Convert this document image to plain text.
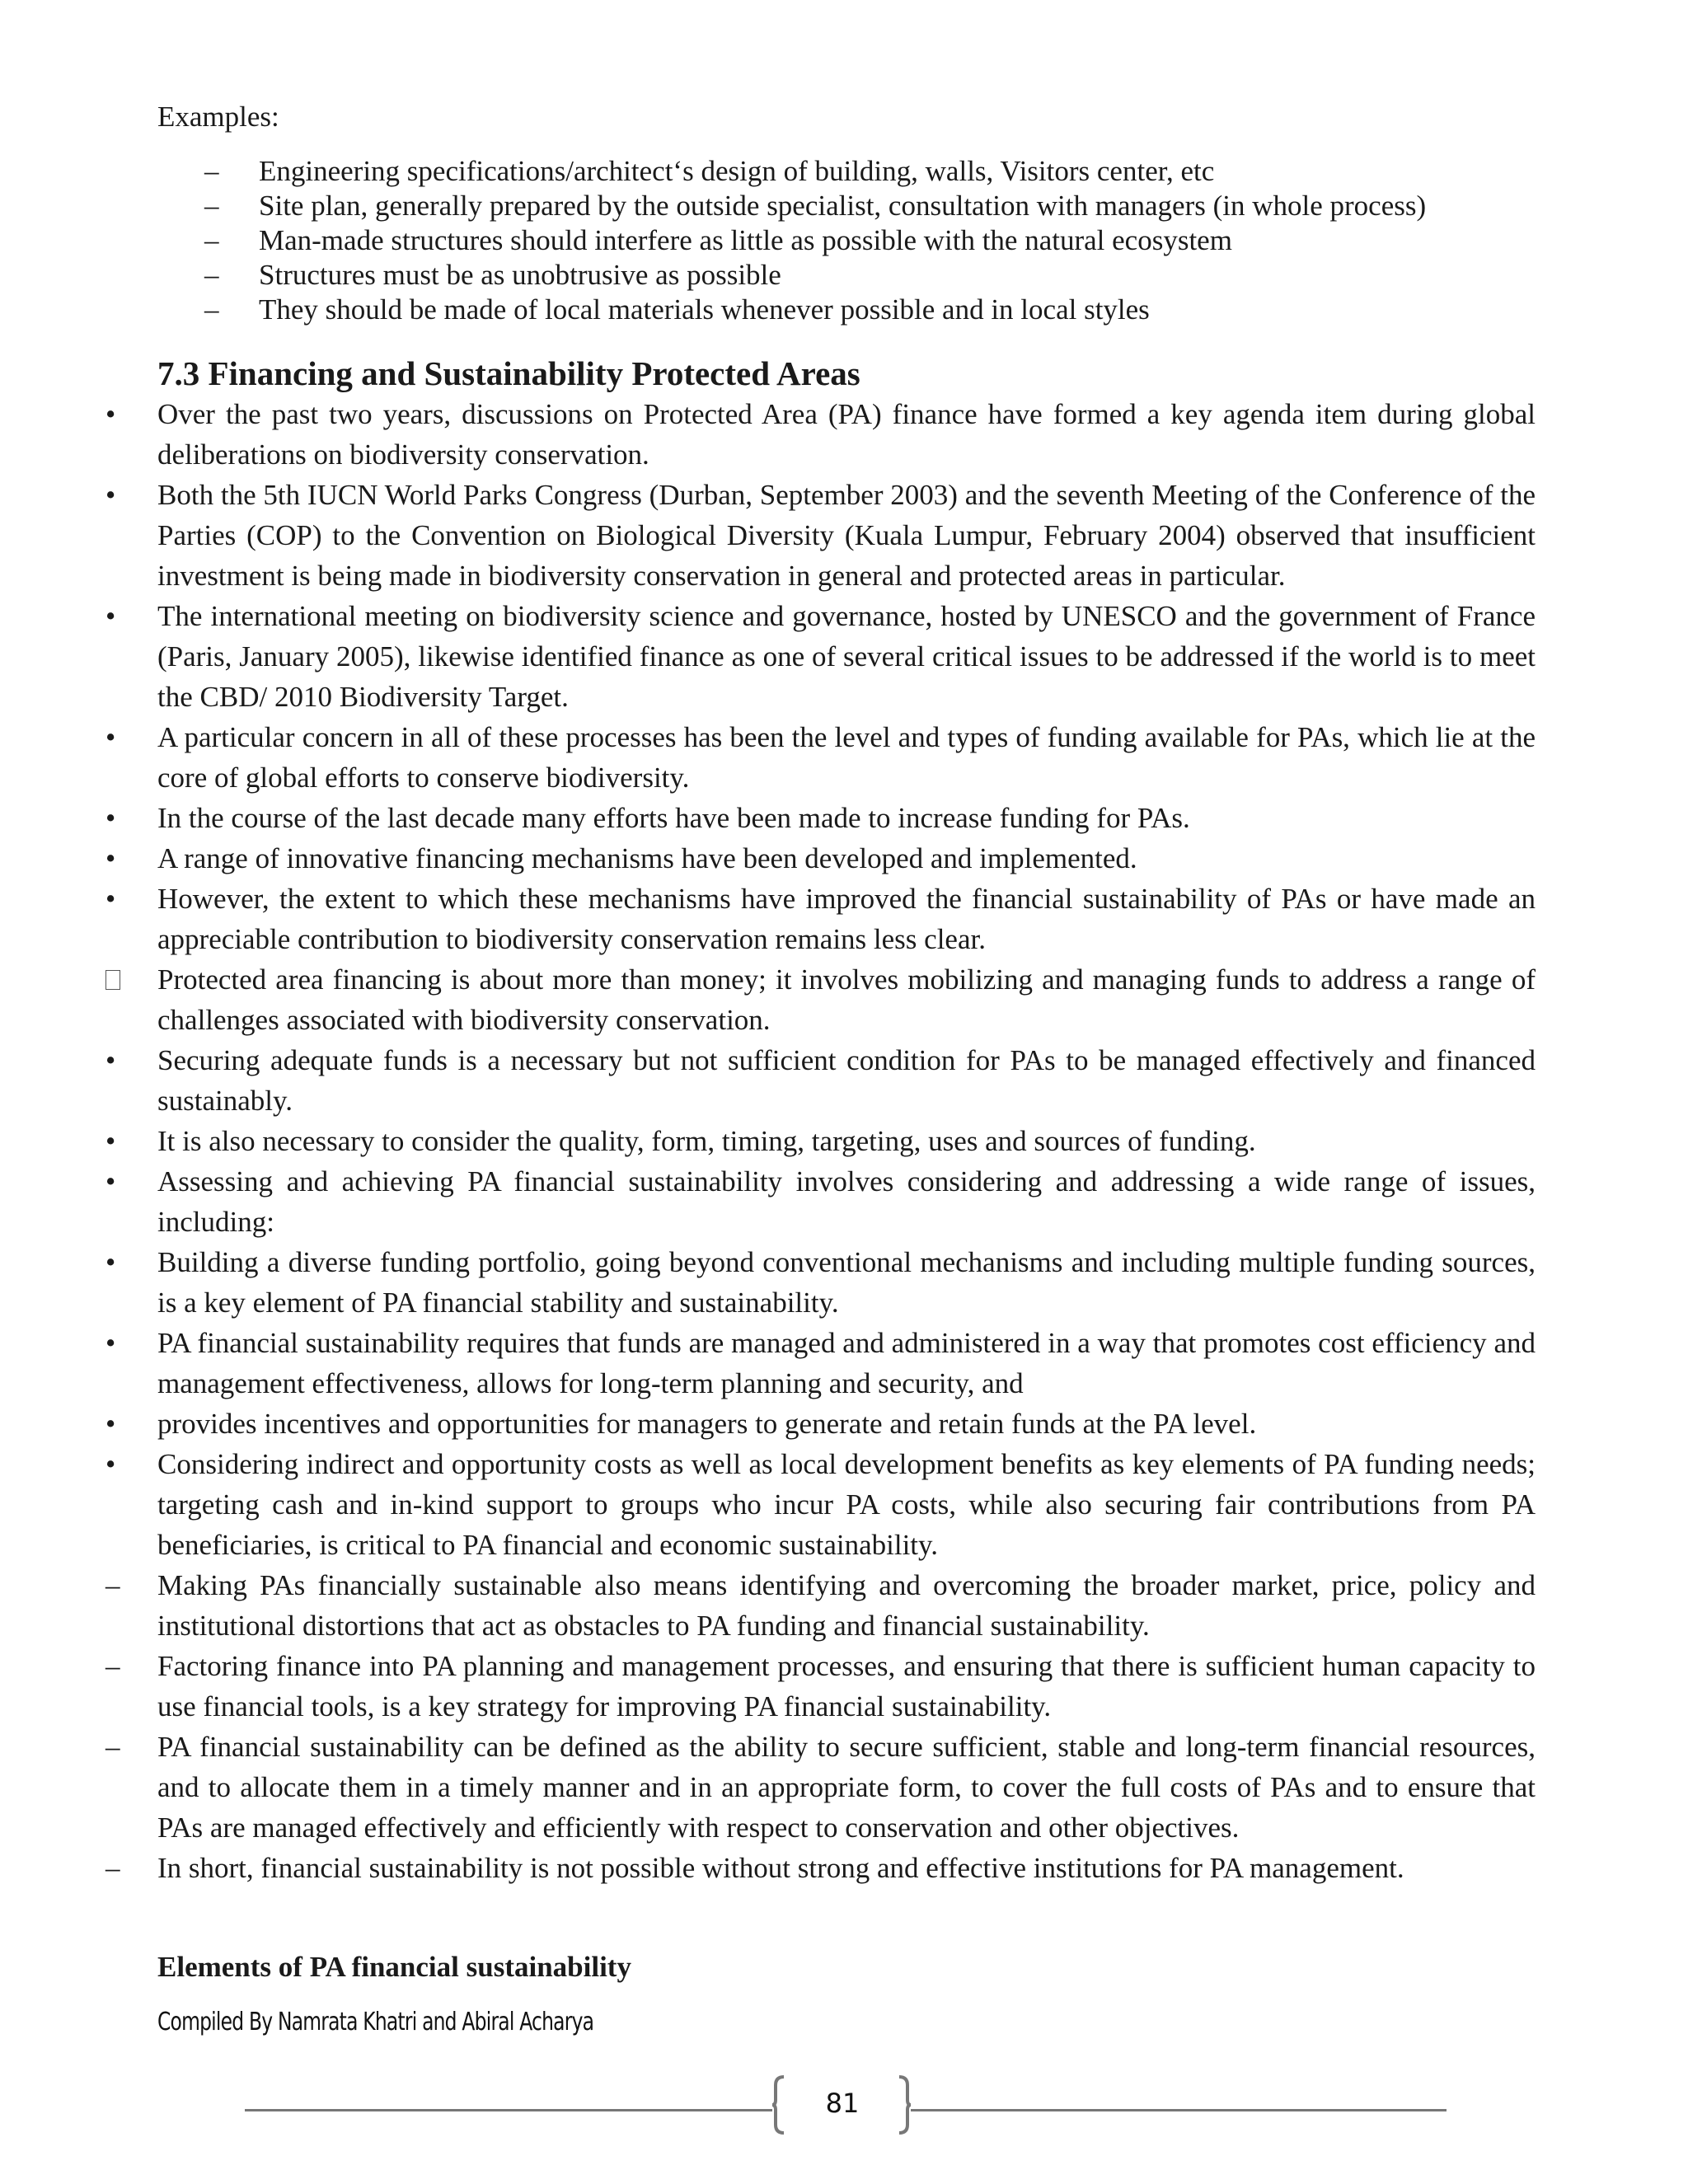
Examples:
– Engineering specifications/architect‘s design of building, walls, Visitors center, etc
– Site plan, generally prepared by the outside specialist, consultation with managers (in whole process)
– Man-made structures should interfere as little as possible with the natural ecosystem
– Structures must be as unobtrusive as possible
– They should be made of local materials whenever possible and in local styles
7.3 Financing and Sustainability Protected Areas
•	Over the past two years, discussions on Protected Area (PA) finance have formed a key agenda item during global deliberations on biodiversity conservation.
•	Both the 5th IUCN World Parks Congress (Durban, September 2003) and the seventh Meeting of the Conference of the Parties (COP) to the Convention on Biological Diversity (Kuala Lumpur, February 2004) observed that insufficient investment is being made in biodiversity conservation in general and protected areas in particular.
•	The international meeting on biodiversity science and governance, hosted by UNESCO and the government of France (Paris, January 2005), likewise identified finance as one of several critical issues to be addressed if the world is to meet the CBD/ 2010 Biodiversity Target.
•	A particular concern in all of these processes has been the level and types of funding available for PAs, which lie at the core of global efforts to conserve biodiversity.
•	In the course of the last decade many efforts have been made to increase funding for PAs.
•	A range of innovative financing mechanisms have been developed and implemented.
•	However, the extent to which these mechanisms have improved the financial sustainability of PAs or have made an appreciable contribution to biodiversity conservation remains less clear.
Protected area financing is about more than money; it involves mobilizing and managing funds to address a range of challenges associated with biodiversity conservation.
•	Securing adequate funds is a necessary but not sufficient condition for PAs to be managed effectively and financed sustainably.
•	It is also necessary to consider the quality, form, timing, targeting, uses and sources of funding.
•	Assessing and achieving PA financial sustainability involves considering and addressing a wide range of issues, including:
•	Building a diverse funding portfolio, going beyond conventional mechanisms and including multiple funding sources, is a key element of PA financial stability and sustainability.
•	PA financial sustainability requires that funds are managed and administered in a way that promotes cost efficiency and management effectiveness, allows for long-term planning and security, and
•	provides incentives and opportunities for managers to generate and retain funds at the PA level.
•	Considering indirect and opportunity costs as well as local development benefits as key elements of PA funding needs; targeting cash and in-kind support to groups who incur PA costs, while also securing fair contributions from PA beneficiaries, is critical to PA financial and economic sustainability.
–	Making PAs financially sustainable also means identifying and overcoming the broader market, price, policy and institutional distortions that act as obstacles to PA funding and financial sustainability.
–	Factoring finance into PA planning and management processes, and ensuring that there is sufficient human capacity to use financial tools, is a key strategy for improving PA financial sustainability.
–	PA financial sustainability can be defined as the ability to secure sufficient, stable and long-term financial resources, and to allocate them in a timely manner and in an appropriate form, to cover the full costs of PAs and to ensure that PAs are managed effectively and efficiently with respect to conservation and other objectives.
–	In short, financial sustainability is not possible without strong and effective institutions for PA management.
Elements of PA financial sustainability
Compiled By Namrata Khatri and Abiral Acharya
81
